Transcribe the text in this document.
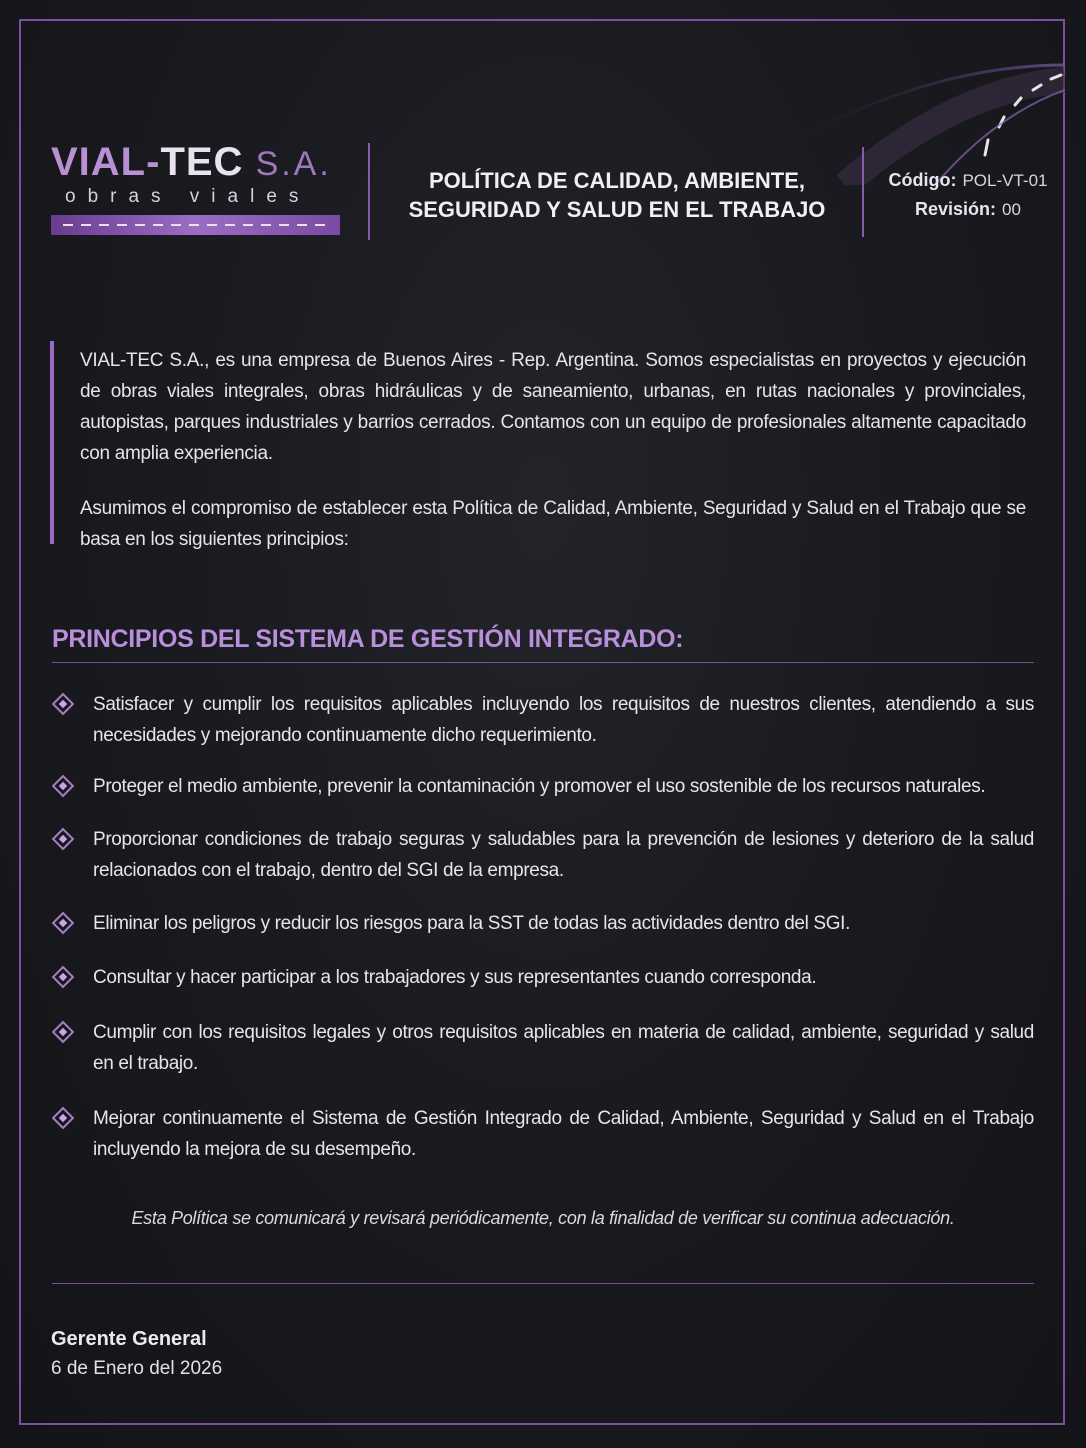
VIAL-TEC S.A.
obras viales
POLÍTICA DE CALIDAD, AMBIENTE,
SEGURIDAD Y SALUD EN EL TRABAJO
Código: POL-VT-01
Revisión: 00

VIAL-TEC S.A., es una empresa de Buenos Aires - Rep. Argentina. Somos especialistas en proyectos y ejecución de obras viales integrales, obras hidráulicas y de saneamiento, urbanas, en rutas nacionales y provinciales, autopistas, parques industriales y barrios cerrados. Contamos con un equipo de profesionales altamente capacitado con amplia experiencia.

Asumimos el compromiso de establecer esta Política de Calidad, Ambiente, Seguridad y Salud en el Trabajo que se basa en los siguientes principios:

PRINCIPIOS DEL SISTEMA DE GESTIÓN INTEGRADO:
Satisfacer y cumplir los requisitos aplicables incluyendo los requisitos de nuestros clientes, atendiendo a sus necesidades y mejorando continuamente dicho requerimiento.
Proteger el medio ambiente, prevenir la contaminación y promover el uso sostenible de los recursos naturales.
Proporcionar condiciones de trabajo seguras y saludables para la prevención de lesiones y deterioro de la salud relacionados con el trabajo, dentro del SGI de la empresa.
Eliminar los peligros y reducir los riesgos para la SST de todas las actividades dentro del SGI.
Consultar y hacer participar a los trabajadores y sus representantes cuando corresponda.
Cumplir con los requisitos legales y otros requisitos aplicables en materia de calidad, ambiente, seguridad y salud en el trabajo.
Mejorar continuamente el Sistema de Gestión Integrado de Calidad, Ambiente, Seguridad y Salud en el Trabajo incluyendo la mejora de su desempeño.
Esta Política se comunicará y revisará periódicamente, con la finalidad de verificar su continua adecuación.
Gerente General
6 de Enero del 2026
